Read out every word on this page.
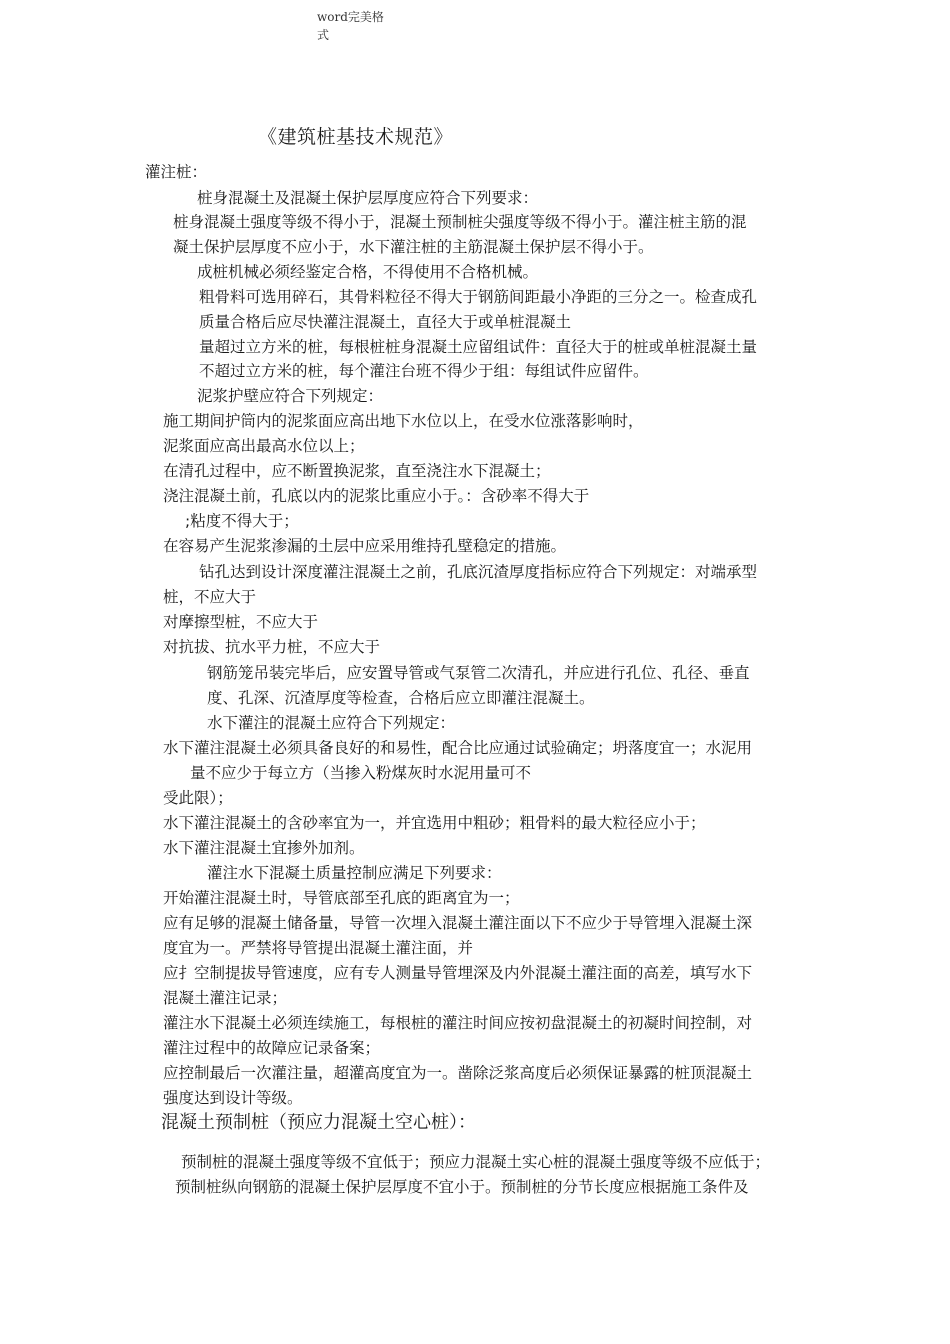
word完美格
式
《建筑桩基技术规范》
灌注桩：
桩身混凝土及混凝土保护层厚度应符合下列要求：
桩身混凝土强度等级不得小于，混凝土预制桩尖强度等级不得小于。灌注桩主筋的混
凝土保护层厚度不应小于，水下灌注桩的主筋混凝土保护层不得小于。
成桩机械必须经鉴定合格，不得使用不合格机械。
粗骨料可选用碎石，其骨料粒径不得大于钢筋间距最小净距的三分之一。检查成孔
质量合格后应尽快灌注混凝土，直径大于或单桩混凝土
量超过立方米的桩，每根桩桩身混凝土应留组试件：直径大于的桩或单桩混凝土量
不超过立方米的桩，每个灌注台班不得少于组：每组试件应留件。
泥浆护壁应符合下列规定：
施工期间护筒内的泥浆面应高出地下水位以上，在受水位涨落影响时，
泥浆面应高出最高水位以上；
在清孔过程中，应不断置换泥浆，直至浇注水下混凝土；
浇注混凝土前，孔底以内的泥浆比重应小于。：含砂率不得大于
;粘度不得大于；
在容易产生泥浆渗漏的土层中应采用维持孔壁稳定的措施。
钻孔达到设计深度灌注混凝土之前，孔底沉渣厚度指标应符合下列规定：对端承型
桩，不应大于
对摩擦型桩，不应大于
对抗拔、抗水平力桩，不应大于
钢筋笼吊装完毕后，应安置导管或气泵管二次清孔，并应进行孔位、孔径、垂直
度、孔深、沉渣厚度等检查，合格后应立即灌注混凝土。
水下灌注的混凝土应符合下列规定：
水下灌注混凝土必须具备良好的和易性，配合比应通过试验确定；坍落度宜一；水泥用
量不应少于每立方（当掺入粉煤灰时水泥用量可不
受此限）；
水下灌注混凝土的含砂率宜为一，并宜选用中粗砂；粗骨料的最大粒径应小于；
水下灌注混凝土宜掺外加剂。
灌注水下混凝土质量控制应满足下列要求：
开始灌注混凝土时，导管底部至孔底的距离宜为一；
应有足够的混凝土储备量，导管一次埋入混凝土灌注面以下不应少于导管埋入混凝土深
度宜为一。严禁将导管提出混凝土灌注面，并
应扌空制提拔导管速度，应有专人测量导管埋深及内外混凝土灌注面的高差，填写水下
混凝土灌注记录；
灌注水下混凝土必须连续施工，每根桩的灌注时间应按初盘混凝土的初凝时间控制，对
灌注过程中的故障应记录备案；
应控制最后一次灌注量，超灌高度宜为一。凿除泛浆高度后必须保证暴露的桩顶混凝土
强度达到设计等级。
混凝土预制桩（预应力混凝土空心桩）：
预制桩的混凝土强度等级不宜低于；预应力混凝土实心桩的混凝土强度等级不应低于；
预制桩纵向钢筋的混凝土保护层厚度不宜小于。预制桩的分节长度应根据施工条件及
